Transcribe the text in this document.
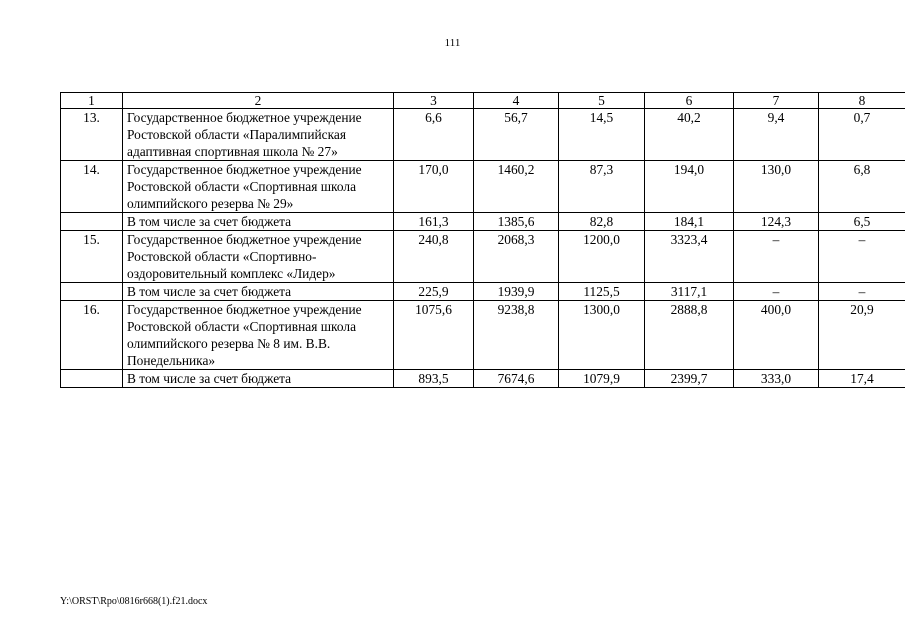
111
1	2	3	4	5	6	7	8
13.	Государственное бюджетное учреждение Ростовской области «Паралимпийская адаптивная спортивная школа № 27»	6,6	56,7	14,5	40,2	9,4	0,7
14.	Государственное бюджетное учреждение Ростовской области «Спортивная школа олимпийского резерва № 29»	170,0	1460,2	87,3	194,0	130,0	6,8
	В том числе за счет бюджета	161,3	1385,6	82,8	184,1	124,3	6,5
15.	Государственное бюджетное учреждение Ростовской области «Спортивно-оздоровительный комплекс «Лидер»	240,8	2068,3	1200,0	3323,4	–	–
	В том числе за счет бюджета	225,9	1939,9	1125,5	3117,1	–	–
16.	Государственное бюджетное учреждение Ростовской области «Спортивная школа олимпийского резерва № 8 им. В.В. Понедельника»	1075,6	9238,8	1300,0	2888,8	400,0	20,9
	В том числе за счет бюджета	893,5	7674,6	1079,9	2399,7	333,0	17,4
Y:\ORST\Rpo\0816r668(1).f21.docx
